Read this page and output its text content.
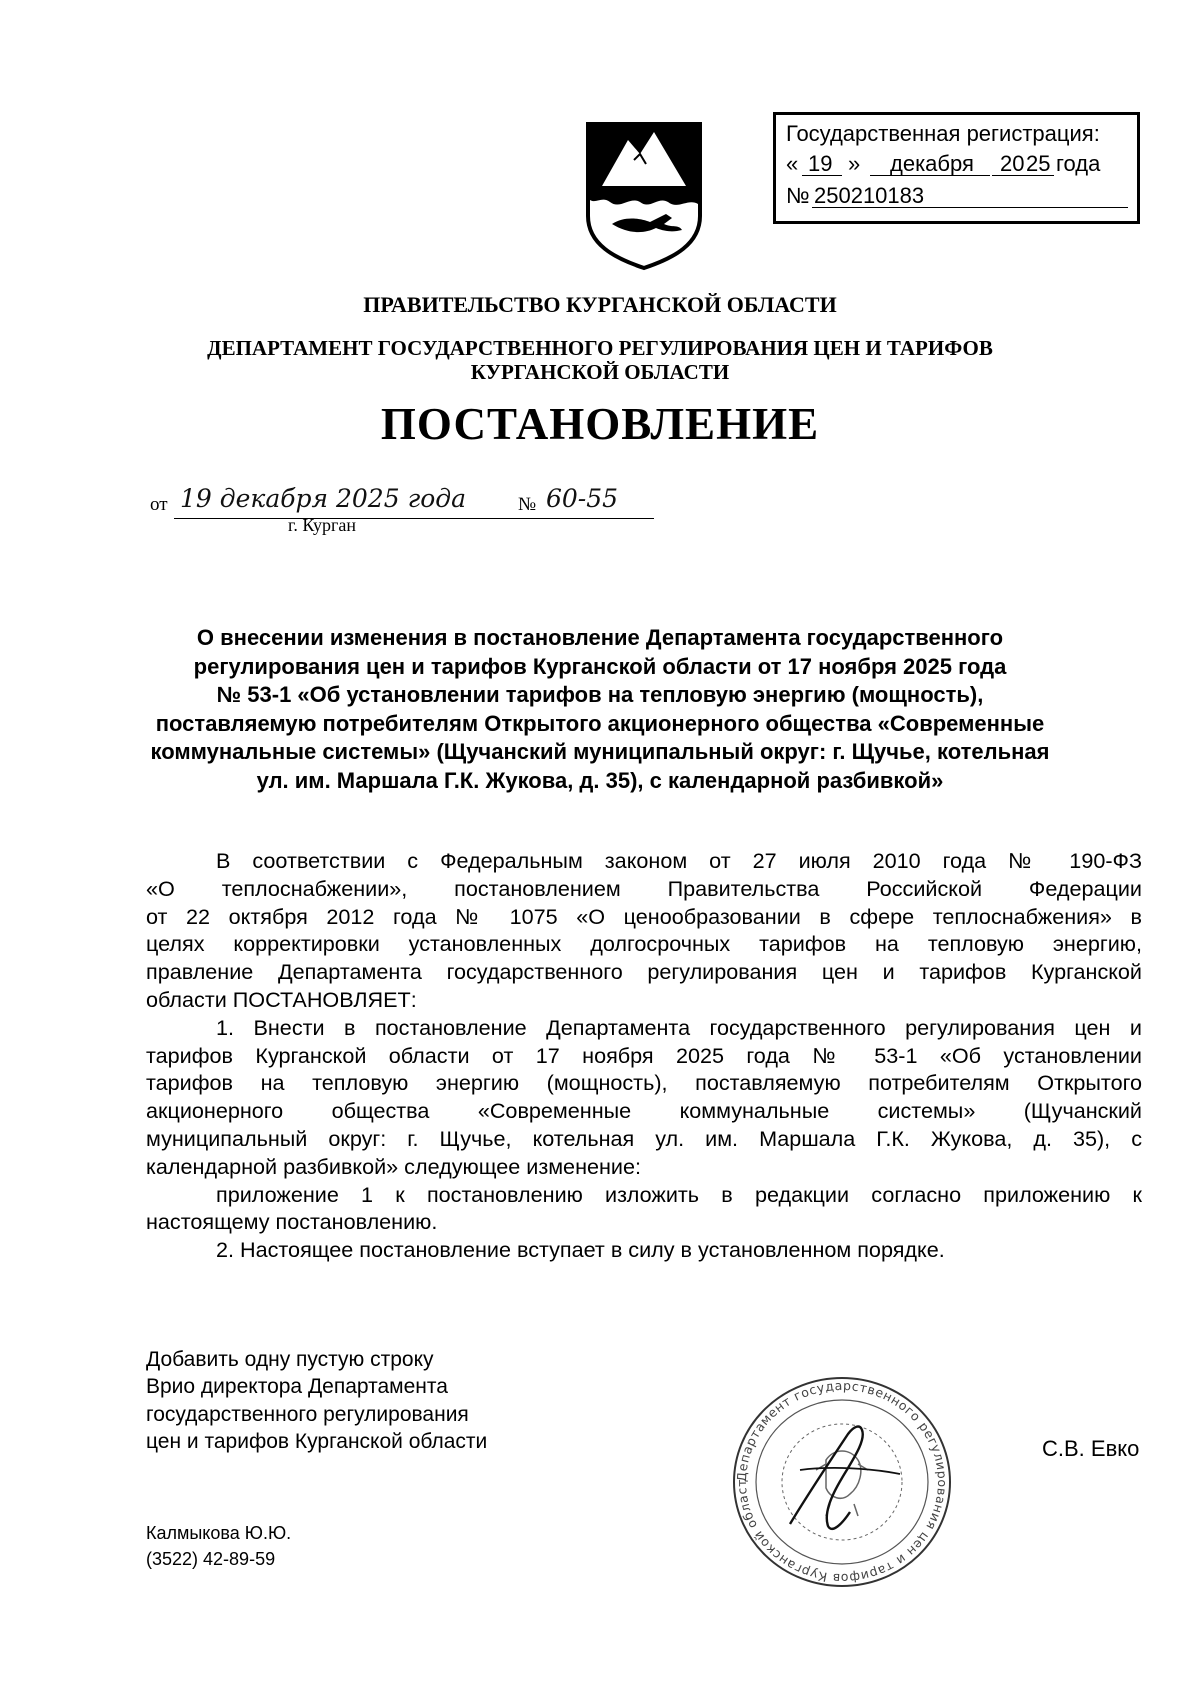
Государственная регистрация:
« 19 » декабря 20 25 года
№ 250210183
ПРАВИТЕЛЬСТВО КУРГАНСКОЙ ОБЛАСТИ
ДЕПАРТАМЕНТ ГОСУДАРСТВЕННОГО РЕГУЛИРОВАНИЯ ЦЕН И ТАРИФОВ
КУРГАНСКОЙ ОБЛАСТИ
ПОСТАНОВЛЕНИЕ
от 19 декабря 2025 года	№ 60-55
г. Курган
О внесении изменения в постановление Департамента государственного
регулирования цен и тарифов Курганской области от 17 ноября 2025 года
№ 53-1 «Об установлении тарифов на тепловую энергию (мощность),
поставляемую потребителям Открытого акционерного общества «Современные
коммунальные системы» (Щучанский муниципальный округ: г. Щучье, котельная
ул. им. Маршала Г.К. Жукова, д. 35), с календарной разбивкой»
В соответствии с Федеральным законом от 27 июля 2010 года № 190-ФЗ
«О теплоснабжении», постановлением Правительства Российской Федерации
от 22 октября 2012 года № 1075 «О ценообразовании в сфере теплоснабжения» в
целях корректировки установленных долгосрочных тарифов на тепловую энергию,
правление Департамента государственного регулирования цен и тарифов Курганской
области ПОСТАНОВЛЯЕТ:
1. Внести в постановление Департамента государственного регулирования цен и
тарифов Курганской области от 17 ноября 2025 года № 53-1 «Об установлении
тарифов на тепловую энергию (мощность), поставляемую потребителям Открытого
акционерного общества «Современные коммунальные системы» (Щучанский
муниципальный округ: г. Щучье, котельная ул. им. Маршала Г.К. Жукова, д. 35), с
календарной разбивкой» следующее изменение:
приложение 1 к постановлению изложить в редакции согласно приложению к
настоящему постановлению.
2. Настоящее постановление вступает в силу в установленном порядке.
Добавить одну пустую строку
Врио директора Департамента
государственного регулирования
цен и тарифов Курганской области
Департамент государственного регулирования цен и тарифов Курганской област
С.В. Евко
Калмыкова Ю.Ю.
(3522) 42-89-59
